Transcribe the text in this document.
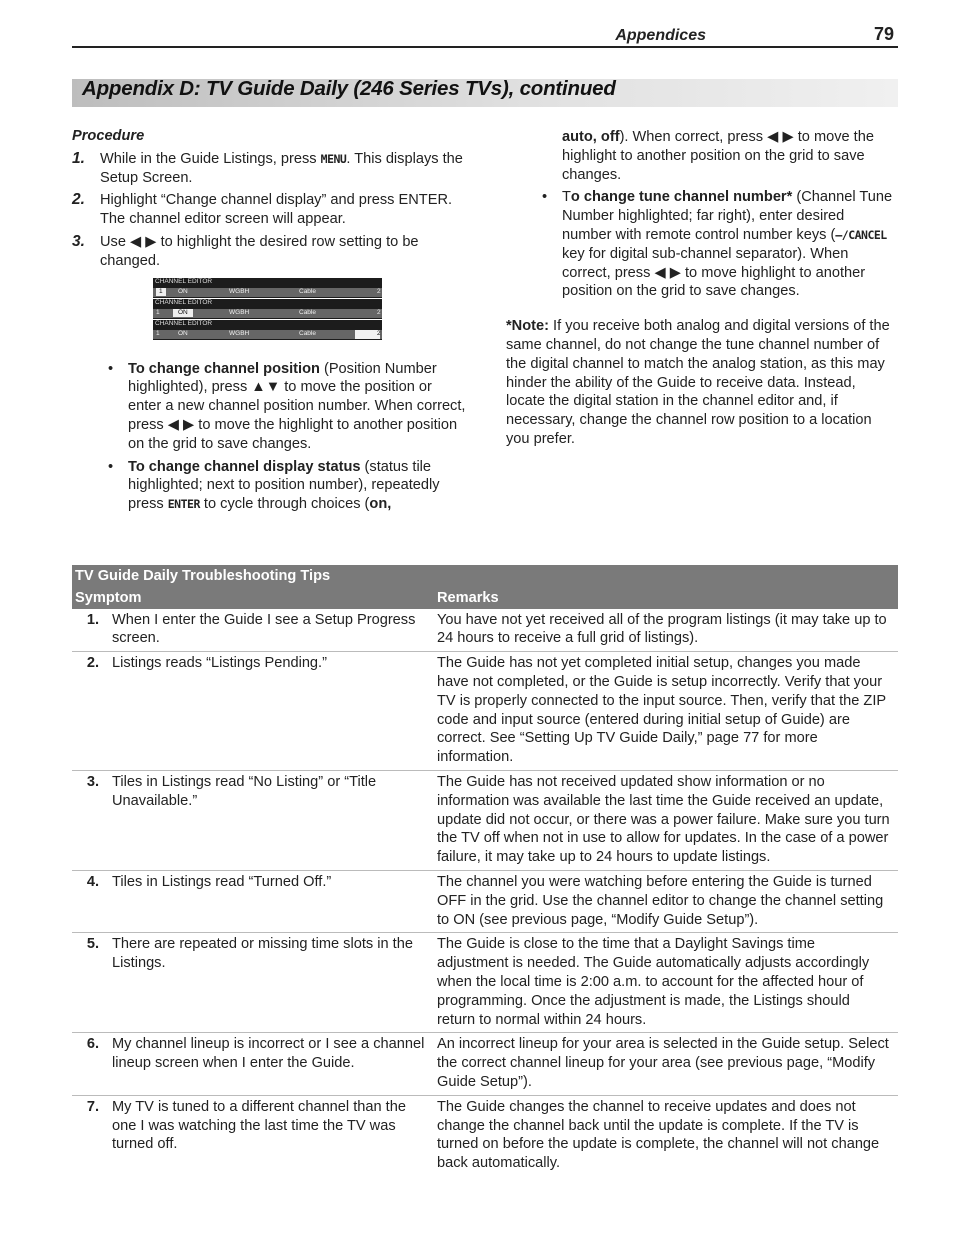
Appendices	79
Appendix D: TV Guide Daily (246 Series TVs), continued
Procedure
1. While in the Guide Listings, press MENU. This displays the Setup Screen.
2. Highlight “Change channel display” and press ENTER. The channel editor screen will appear.
3. Use ◀ ▶ to highlight the desired row setting to be changed.
• To change channel position (Position Number highlighted), press ▲▼ to move the position or enter a new channel position number. When correct, press ◀ ▶ to move the highlight to another position on the grid to save changes.
• To change channel display status (status tile highlighted; next to position number), repeatedly press ENTER to cycle through choices (on,
CHANNEL EDITOR
1	ON	WGBH	Cable	2
CHANNEL EDITOR
1	ON	WGBH	Cable	2
CHANNEL EDITOR
1	ON	WGBH	Cable	2
auto, off). When correct, press ◀ ▶ to move the highlight to another position on the grid to save changes.
• To change tune channel number* (Channel Tune Number highlighted; far right), enter desired number with remote control number keys (–/CANCEL key for digital sub-channel separator). When correct, press ◀ ▶ to move highlight to another position on the grid to save changes.
*Note: If you receive both analog and digital versions of the same channel, do not change the tune channel number of the digital channel to match the analog station, as this may hinder the ability of the Guide to receive data. Instead, locate the digital station in the channel editor and, if necessary, change the channel row position to a location you prefer.
TV Guide Daily Troubleshooting Tips		
Symptom		Remarks
1.	When I enter the Guide I see a Setup Progress screen.	You have not yet received all of the program listings (it may take up to 24 hours to receive a full grid of listings).
2.	Listings reads “Listings Pending.”	The Guide has not yet completed initial setup, changes you made have not completed, or the Guide is setup incorrectly. Verify that your TV is properly connected to the input source. Then, verify that the ZIP code and input source (entered during initial setup of Guide) are correct. See “Setting Up TV Guide Daily,” page 77 for more information.
3.	Tiles in Listings read “No Listing” or “Title Unavailable.”	The Guide has not received updated show information or no information was available the last time the Guide received an update, update did not occur, or there was a power failure. Make sure you turn the TV off when not in use to allow for updates. In the case of a power failure, it may take up to 24 hours to update listings.
4.	Tiles in Listings read “Turned Off.”	The channel you were watching before entering the Guide is turned OFF in the grid. Use the channel editor to change the channel setting to ON (see previous page, “Modify Guide Setup”).
5.	There are repeated or missing time slots in the Listings.	The Guide is close to the time that a Daylight Savings time adjustment is needed. The Guide automatically adjusts accordingly when the local time is 2:00 a.m. to account for the affected hour of programming. Once the adjustment is made, the Listings should return to normal within 24 hours.
6.	My channel lineup is incorrect or I see a channel lineup screen when I enter the Guide.	An incorrect lineup for your area is selected in the Guide setup. Select the correct channel lineup for your area (see previous page, “Modify Guide Setup”).
7.	My TV is tuned to a different channel than the one I was watching the last time the TV was turned off.	The Guide changes the channel to receive updates and does not change the channel back until the update is complete. If the TV is turned on before the update is complete, the channel will not change back automatically.
